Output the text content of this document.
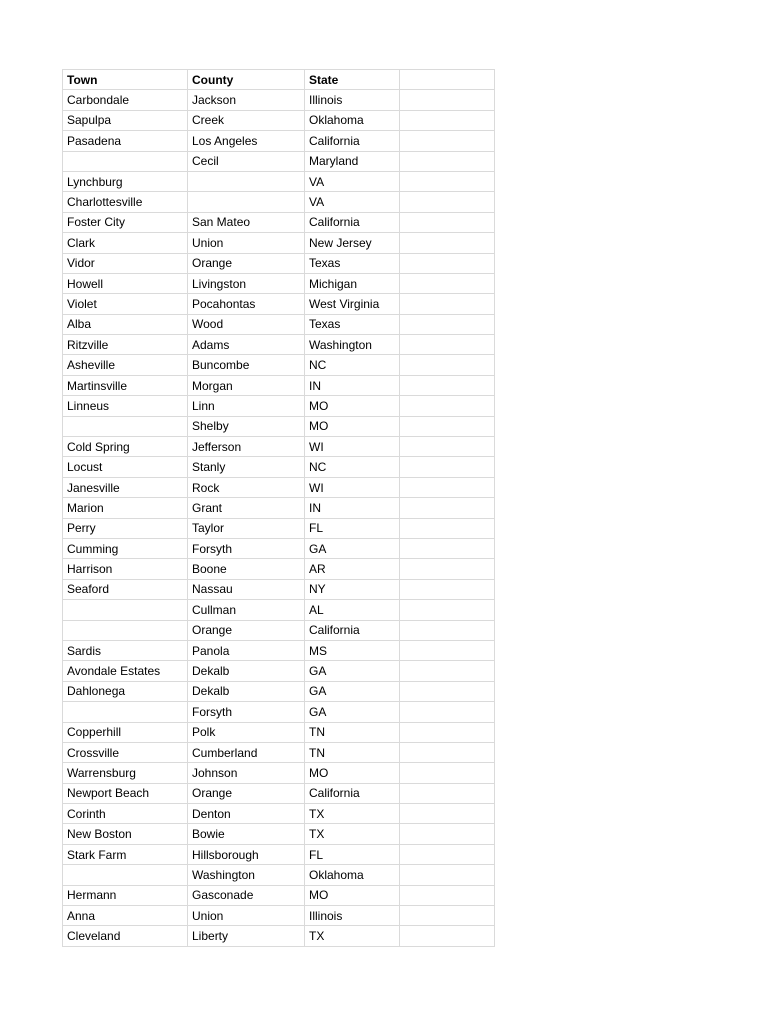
Town	County	State	
Carbondale	Jackson	Illinois	
Sapulpa	Creek	Oklahoma	
Pasadena	Los Angeles	California	
	Cecil	Maryland	
Lynchburg		VA	
Charlottesville		VA	
Foster City	San Mateo	California	
Clark	Union	New Jersey	
Vidor	Orange	Texas	
Howell	Livingston	Michigan	
Violet	Pocahontas	West Virginia	
Alba	Wood	Texas	
Ritzville	Adams	Washington	
Asheville	Buncombe	NC	
Martinsville	Morgan	IN	
Linneus	Linn	MO	
	Shelby	MO	
Cold Spring	Jefferson	WI	
Locust	Stanly	NC	
Janesville	Rock	WI	
Marion	Grant	IN	
Perry	Taylor	FL	
Cumming	Forsyth	GA	
Harrison	Boone	AR	
Seaford	Nassau	NY	
	Cullman	AL	
	Orange	California	
Sardis	Panola	MS	
Avondale Estates	Dekalb	GA	
Dahlonega	Dekalb	GA	
	Forsyth	GA	
Copperhill	Polk	TN	
Crossville	Cumberland	TN	
Warrensburg	Johnson	MO	
Newport Beach	Orange	California	
Corinth	Denton	TX	
New Boston	Bowie	TX	
Stark Farm	Hillsborough	FL	
	Washington	Oklahoma	
Hermann	Gasconade	MO	
Anna	Union	Illinois	
Cleveland	Liberty	TX	
